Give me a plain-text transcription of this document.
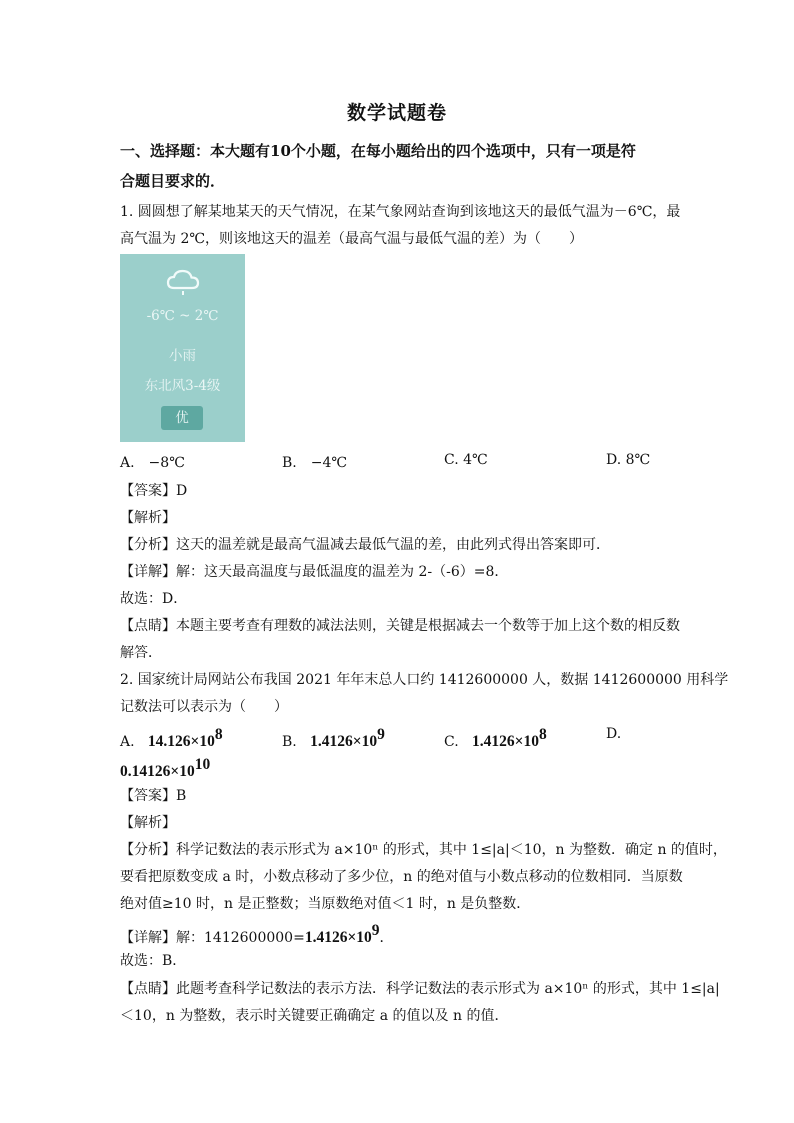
数学试题卷
一、选择题：本大题有10个小题，在每小题给出的四个选项中，只有一项是符
合题目要求的．
1. 圆圆想了解某地某天的天气情况，在某气象网站查询到该地这天的最低气温为－6℃，最
高气温为 2℃，则该地这天的温差（最高气温与最低气温的差）为（　　）
-6℃ ~ 2℃
小雨
东北风3-4级
优
A.　−8℃	B.　−4℃	C. 4℃	D. 8℃
【答案】D
【解析】
【分析】这天的温差就是最高气温减去最低气温的差，由此列式得出答案即可．
【详解】解：这天最高温度与最低温度的温差为 2-（-6）=8．
故选：D．
【点睛】本题主要考查有理数的减法法则，关键是根据减去一个数等于加上这个数的相反数
解答．
2. 国家统计局网站公布我国 2021 年年末总人口约 1412600000 人，数据 1412600000 用科学
记数法可以表示为（　　）
A. $14.126\times 10^8$	B. $1.4126\times 10^9$	C. $1.4126\times 10^8$	D.
$0.14126\times 10^{10}$
【答案】B
【解析】
【分析】科学记数法的表示形式为 a×10ⁿ 的形式，其中 1≤|a|＜10，n 为整数．确定 n 的值时，
要看把原数变成 a 时，小数点移动了多少位，n 的绝对值与小数点移动的位数相同．当原数
绝对值≥10 时，n 是正整数；当原数绝对值＜1 时，n 是负整数．
【详解】解：$1412600000=1.4126\times 10^9$．
故选：B．
【点睛】此题考查科学记数法的表示方法．科学记数法的表示形式为 a×10ⁿ 的形式，其中 1≤|a|
＜10，n 为整数，表示时关键要正确确定 a 的值以及 n 的值．
